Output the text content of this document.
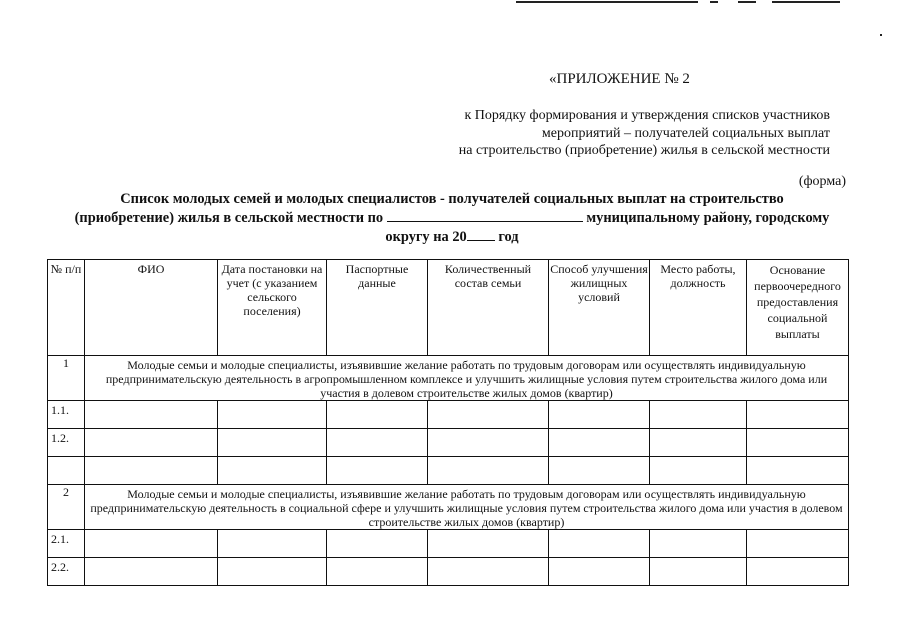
«ПРИЛОЖЕНИЕ № 2
к Порядку формирования и утверждения списков участников
мероприятий – получателей социальных выплат
на строительство (приобретение) жилья в сельской местности
(форма)
Список молодых семей и молодых специалистов - получателей социальных выплат на строительство
(приобретение) жилья в сельской местности по	муниципальному району, городскому
округу на 20 год
№ п/п	ФИО	Дата постановки на учет (с указанием сельского поселения)	Паспортные данные	Количественный состав семьи	Способ улучшения жилищных условий	Место работы, должность	Основание первоочередного предоставления социальной выплаты
1	Молодые семьи и молодые специалисты, изъявившие желание работать по трудовым договорам или осуществлять индивидуальную предпринимательскую деятельность в агропромышленном комплексе и улучшить жилищные условия путем строительства жилого дома или участия в долевом строительстве жилых домов (квартир)						
1.1.							
1.2.							

2	Молодые семьи и молодые специалисты, изъявившие желание работать по трудовым договорам или осуществлять индивидуальную предпринимательскую деятельность в социальной сфере и улучшить жилищные условия путем строительства жилого дома или участия в долевом строительстве жилых домов (квартир)						
2.1.							
2.2.							
